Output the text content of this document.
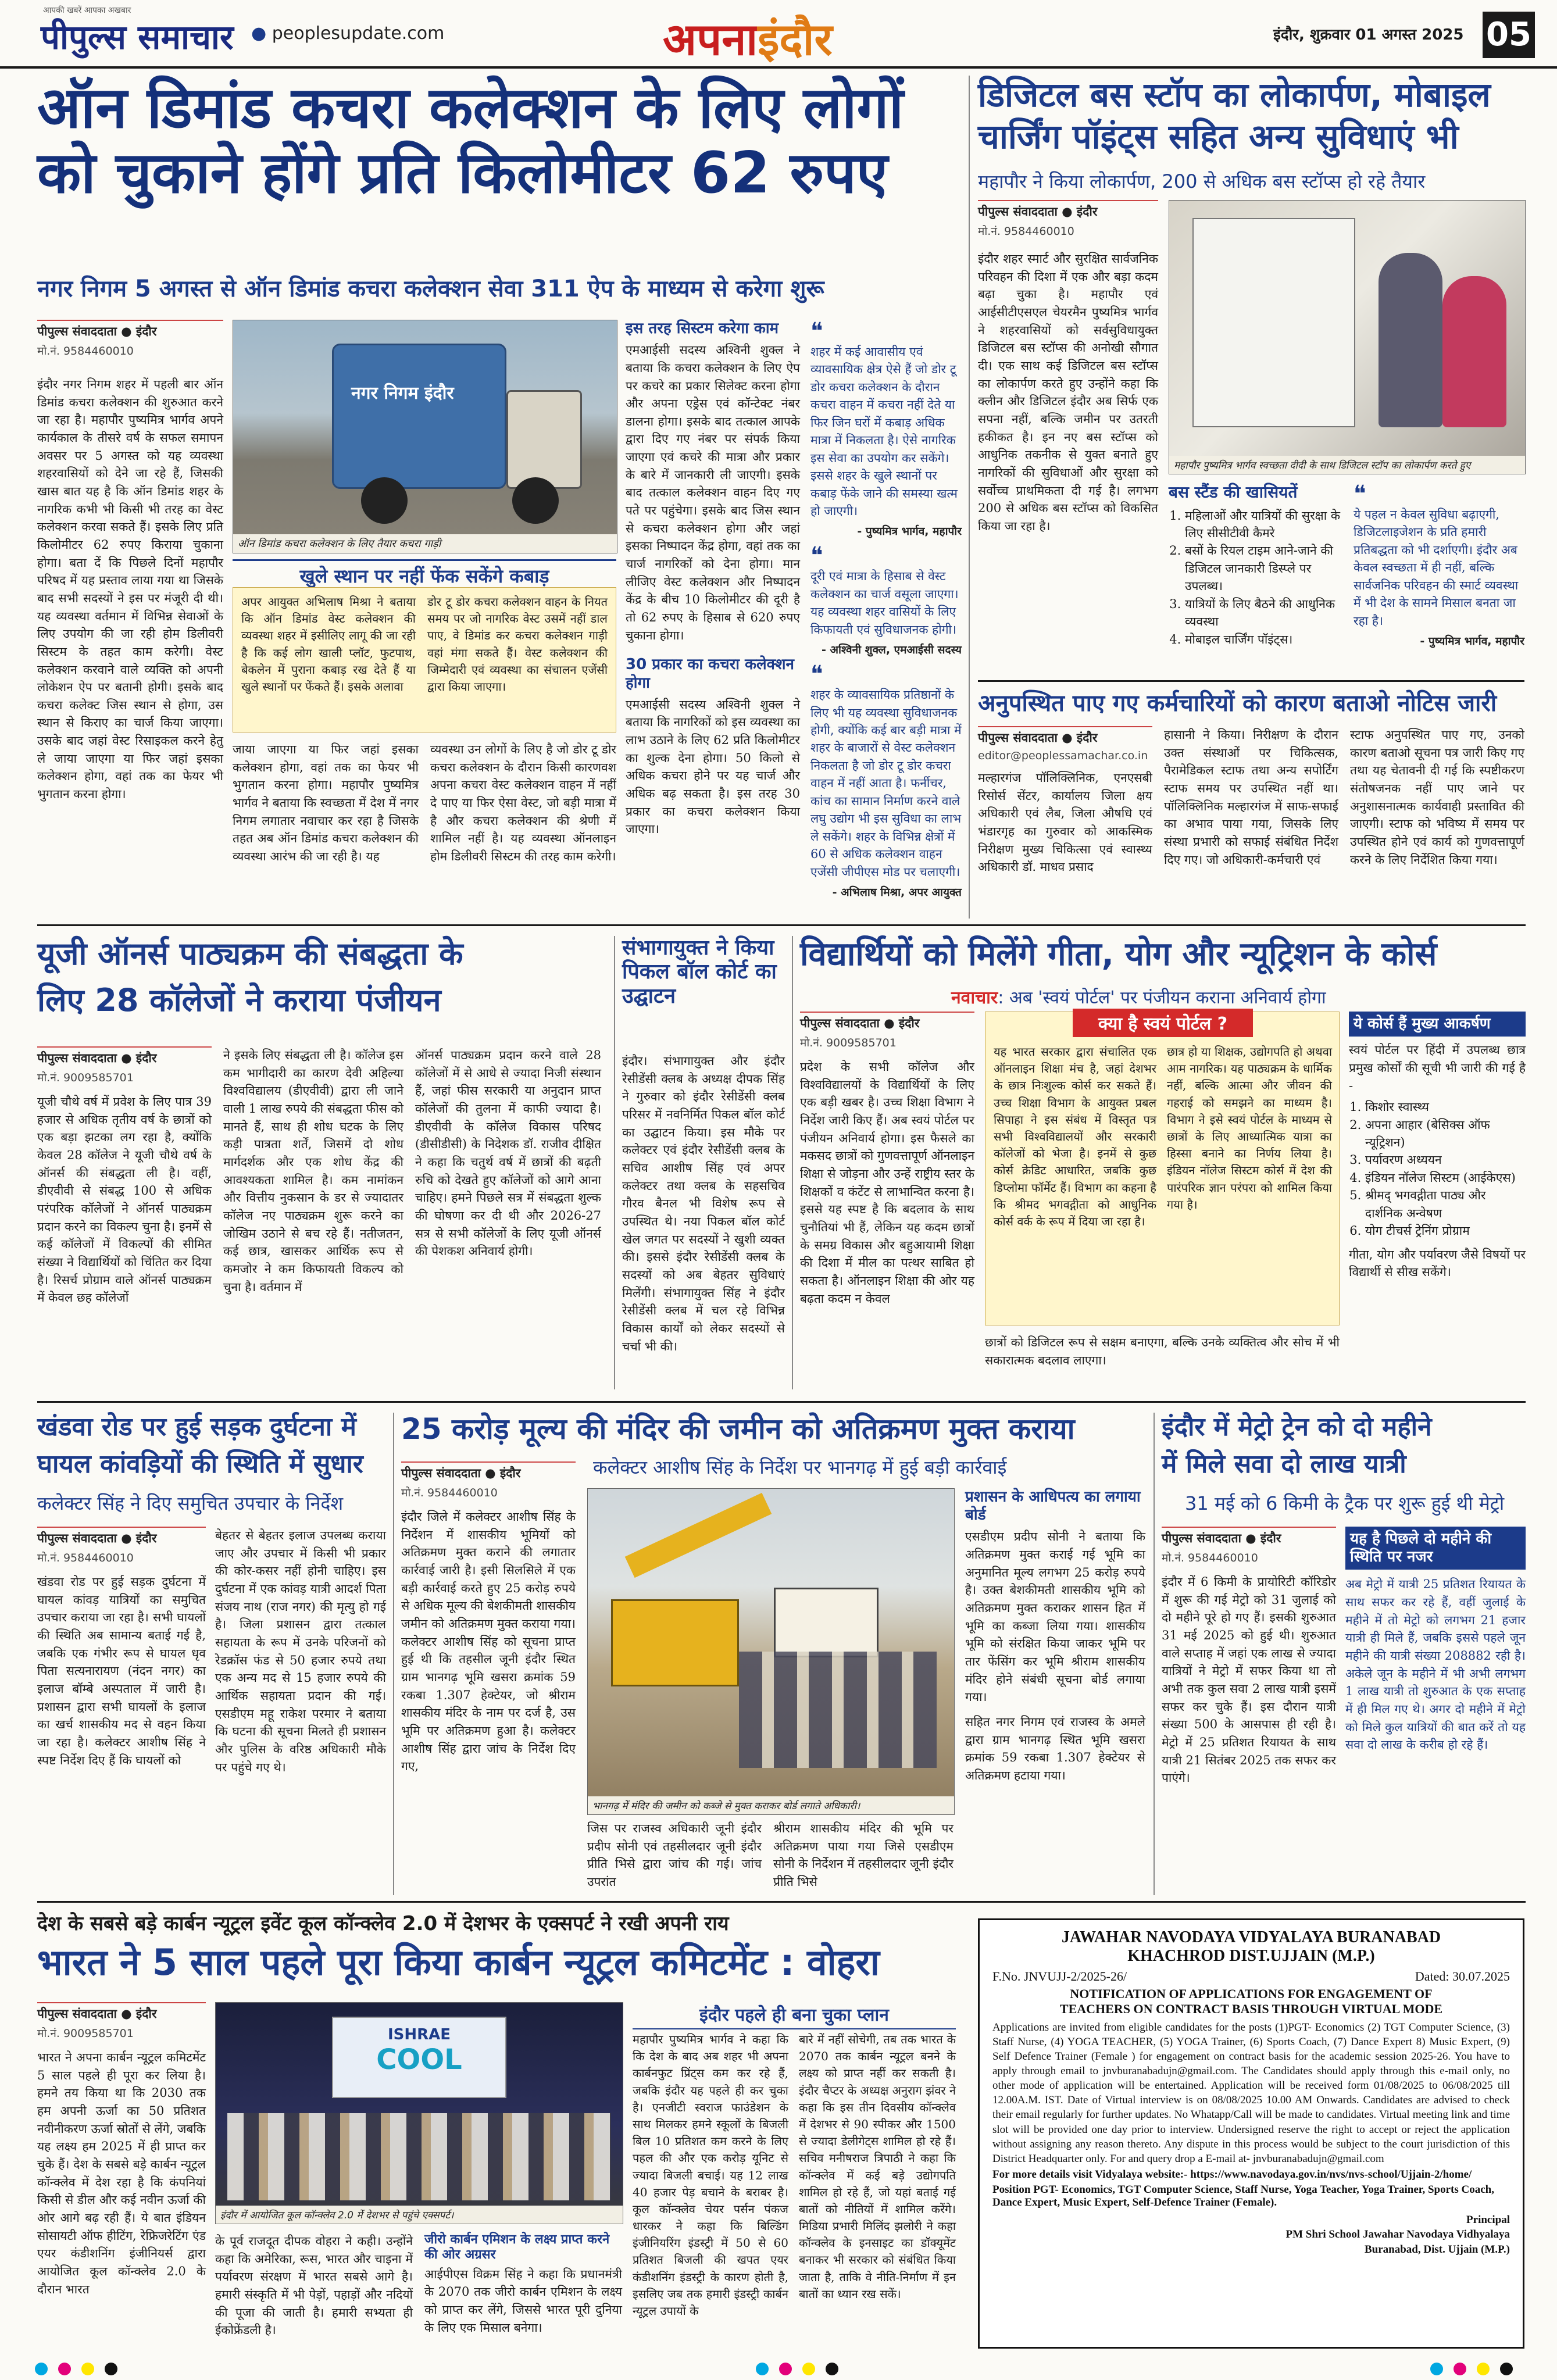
आपकी खबरें आपका अखबार
पीपुल्स समाचार ● peoplesupdate.com	अपनाइंदौर	इंदौर, शुक्रवार 01 अगस्त 2025 05
ऑन डिमांड कचरा कलेक्शन के लिए लोगों
को चुकाने होंगे प्रति किलोमीटर 62 रुपए
नगर निगम 5 अगस्त से ऑन डिमांड कचरा कलेक्शन सेवा 311 ऐप के माध्यम से करेगा शुरू
पीपुल्स संवाददाता ● इंदौर
मो.नं. 9584460010
इंदौर नगर निगम शहर में पहली बार ऑन डिमांड कचरा कलेक्शन की शुरुआत करने जा रहा है। महापौर पुष्यमित्र भार्गव अपने कार्यकाल के तीसरे वर्ष के सफल समापन अवसर पर 5 अगस्त को यह व्यवस्था शहरवासियों को देने जा रहे हैं, जिसकी खास बात यह है कि ऑन डिमांड शहर के नागरिक कभी भी किसी भी तरह का वेस्ट कलेक्शन करवा सकते हैं। इसके लिए प्रति किलोमीटर 62 रुपए किराया चुकाना होगा। बता दें कि पिछले दिनों महापौर परिषद में यह प्रस्ताव लाया गया था जिसके बाद सभी सदस्यों ने इस पर मंजूरी दी थी। यह व्यवस्था वर्तमान में विभिन्न सेवाओं के लिए उपयोग की जा रही होम डिलीवरी सिस्टम के तहत काम करेगी। वेस्ट कलेक्शन करवाने वाले व्यक्ति को अपनी लोकेशन ऐप पर बतानी होगी। इसके बाद कचरा कलेक्ट जिस स्थान से होगा, उस स्थान से किराए का चार्ज किया जाएगा। उसके बाद जहां वेस्ट रिसाइकल करने हेतु ले जाया जाएगा या फिर जहां इसका कलेक्शन होगा, वहां तक का फेयर भी भुगतान करना होगा।
नगर निगम इंदौर
ऑन डिमांड कचरा कलेक्शन के लिए तैयार कचरा गाड़ी
खुले स्थान पर नहीं फेंक सकेंगे कबाड़
अपर आयुक्त अभिलाष मिश्रा ने बताया कि ऑन डिमांड वेस्ट कलेक्शन की व्यवस्था शहर में इसीलिए लागू की जा रही है कि कई लोग खाली प्लॉट, फुटपाथ, बेकलेन में पुराना कबाड़ रख देते हैं या खुले स्थानों पर फेंकते हैं। इसके अलावा
डोर टू डोर कचरा कलेक्शन वाहन के नियत समय पर जो नागरिक वेस्ट उसमें नहीं डाल पाए, वे डिमांड कर कचरा कलेक्शन गाड़ी वहां मंगा सकते हैं। वेस्ट कलेक्शन की जिम्मेदारी एवं व्यवस्था का संचालन एजेंसी द्वारा किया जाएगा।
जाया जाएगा या फिर जहां इसका कलेक्शन होगा, वहां तक का फेयर भी भुगतान करना होगा। महापौर पुष्यमित्र भार्गव ने बताया कि स्वच्छता में देश में नगर निगम लगातार नवाचार कर रहा है जिसके तहत अब ऑन डिमांड कचरा कलेक्शन की व्यवस्था आरंभ की जा रही है। यह
व्यवस्था उन लोगों के लिए है जो डोर टू डोर कचरा कलेक्शन के दौरान किसी कारणवश अपना कचरा वेस्ट कलेक्शन वाहन में नहीं दे पाए या फिर ऐसा वेस्ट, जो बड़ी मात्रा में है और कचरा कलेक्शन की श्रेणी में शामिल नहीं है। यह व्यवस्था ऑनलाइन होम डिलीवरी सिस्टम की तरह काम करेगी।
इस तरह सिस्टम करेगा काम
एमआईसी सदस्य अश्विनी शुक्ल ने बताया कि कचरा कलेक्शन के लिए ऐप पर कचरे का प्रकार सिलेक्ट करना होगा और अपना एड्रेस एवं कॉन्टेक्ट नंबर डालना होगा। इसके बाद तत्काल आपके द्वारा दिए गए नंबर पर संपर्क किया जाएगा एवं कचरे की मात्रा और प्रकार के बारे में जानकारी ली जाएगी। इसके बाद तत्काल कलेक्शन वाहन दिए गए पते पर पहुंचेगा। इसके बाद जिस स्थान से कचरा कलेक्शन होगा और जहां इसका निष्पादन केंद्र होगा, वहां तक का चार्ज नागरिकों को देना होगा। मान लीजिए वेस्ट कलेक्शन और निष्पादन केंद्र के बीच 10 किलोमीटर की दूरी है तो 62 रुपए के हिसाब से 620 रुपए चुकाना होगा।
30 प्रकार का कचरा कलेक्शन होगा
एमआईसी सदस्य अश्विनी शुक्ल ने बताया कि नागरिकों को इस व्यवस्था का लाभ उठाने के लिए 62 प्रति किलोमीटर का शुल्क देना होगा। 50 किलो से अधिक कचरा होने पर यह चार्ज और अधिक बढ़ सकता है। इस तरह 30 प्रकार का कचरा कलेक्शन किया जाएगा।
❝
शहर में कई आवासीय एवं व्यावसायिक क्षेत्र ऐसे हैं जो डोर टू डोर कचरा कलेक्शन के दौरान कचरा वाहन में कचरा नहीं देते या फिर जिन घरों में कबाड़ अधिक मात्रा में निकलता है। ऐसे नागरिक इस सेवा का उपयोग कर सकेंगे। इससे शहर के खुले स्थानों पर कबाड़ फेंके जाने की समस्या खत्म हो जाएगी।
- पुष्यमित्र भार्गव, महापौर
❝
दूरी एवं मात्रा के हिसाब से वेस्ट कलेक्शन का चार्ज वसूला जाएगा। यह व्यवस्था शहर वासियों के लिए किफायती एवं सुविधाजनक होगी।
- अश्विनी शुक्ल, एमआईसी सदस्य
❝
शहर के व्यावसायिक प्रतिष्ठानों के लिए भी यह व्यवस्था सुविधाजनक होगी, क्योंकि कई बार बड़ी मात्रा में शहर के बाजारों से वेस्ट कलेक्शन निकलता है जो डोर टू डोर कचरा वाहन में नहीं आता है। फर्नीचर, कांच का सामान निर्माण करने वाले लघु उद्योग भी इस सुविधा का लाभ ले सकेंगे। शहर के विभिन्न क्षेत्रों में 60 से अधिक कलेक्शन वाहन एजेंसी जीपीएस मोड पर चलाएगी।
- अभिलाष मिश्रा, अपर आयुक्त
डिजिटल बस स्टॉप का लोकार्पण, मोबाइल
चार्जिंग पॉइंट्स सहित अन्य सुविधाएं भी
महापौर ने किया लोकार्पण, 200 से अधिक बस स्टॉप्स हो रहे तैयार
पीपुल्स संवाददाता ● इंदौर
मो.नं. 9584460010
इंदौर शहर स्मार्ट और सुरक्षित सार्वजनिक परिवहन की दिशा में एक और बड़ा कदम बढ़ा चुका है। महापौर एवं आईसीटीएसएल चेयरमैन पुष्यमित्र भार्गव ने शहरवासियों को सर्वसुविधायुक्त डिजिटल बस स्टॉप्स की अनोखी सौगात दी। एक साथ कई डिजिटल बस स्टॉप्स का लोकार्पण करते हुए उन्होंने कहा कि क्लीन और डिजिटल इंदौर अब सिर्फ एक सपना नहीं, बल्कि जमीन पर उतरती हकीकत है। इन नए बस स्टॉप्स को आधुनिक तकनीक से युक्त बनाते हुए नागरिकों की सुविधाओं और सुरक्षा को सर्वोच्च प्राथमिकता दी गई है। लगभग 200 से अधिक बस स्टॉप्स को विकसित किया जा रहा है।
महापौर पुष्यमित्र भार्गव स्वच्छता दीदी के साथ डिजिटल स्टॉप का लोकार्पण करते हुए
बस स्टैंड की खासियतें
1. महिलाओं और यात्रियों की सुरक्षा के लिए सीसीटीवी कैमरे
2. बसों के रियल टाइम आने-जाने की डिजिटल जानकारी डिस्प्ले पर उपलब्ध।
3. यात्रियों के लिए बैठने की आधुनिक व्यवस्था
4. मोबाइल चार्जिंग पॉइंट्स।
❝
ये पहल न केवल सुविधा बढ़ाएगी, डिजिटलाइजेशन के प्रति हमारी प्रतिबद्धता को भी दर्शाएगी। इंदौर अब केवल स्वच्छता में ही नहीं, बल्कि सार्वजनिक परिवहन की स्मार्ट व्यवस्था में भी देश के सामने मिसाल बनता जा रहा है।
- पुष्यमित्र भार्गव, महापौर
अनुपस्थित पाए गए कर्मचारियों को कारण बताओ नोटिस जारी
पीपुल्स संवाददाता ● इंदौर
editor@peoplessamachar.co.in
मल्हारगंज पॉलिक्लिनिक, एनएसबी रिसोर्स सेंटर, कार्यालय जिला क्षय अधिकारी एवं लैब, जिला औषधि एवं भंडारगृह का गुरुवार को आकस्मिक निरीक्षण मुख्य चिकित्सा एवं स्वास्थ्य अधिकारी डॉ. माधव प्रसाद
हासानी ने किया। निरीक्षण के दौरान उक्त संस्थाओं पर चिकित्सक, पैरामेडिकल स्टाफ तथा अन्य सपोर्टिंग स्टाफ समय पर उपस्थित नहीं था। पॉलिक्लिनिक मल्हारगंज में साफ-सफाई का अभाव पाया गया, जिसके लिए संस्था प्रभारी को सफाई संबंधित निर्देश दिए गए। जो अधिकारी-कर्मचारी एवं
स्टाफ अनुपस्थित पाए गए, उनको कारण बताओ सूचना पत्र जारी किए गए तथा यह चेतावनी दी गई कि स्पष्टीकरण संतोषजनक नहीं पाए जाने पर अनुशासनात्मक कार्यवाही प्रस्तावित की जाएगी। स्टाफ को भविष्य में समय पर उपस्थित होने एवं कार्य को गुणवत्तापूर्ण करने के लिए निर्देशित किया गया।
यूजी ऑनर्स पाठ्यक्रम की संबद्धता के
लिए 28 कॉलेजों ने कराया पंजीयन
पीपुल्स संवाददाता ● इंदौर
मो.नं. 9009585701
यूजी चौथे वर्ष में प्रवेश के लिए पात्र 39 हजार से अधिक तृतीय वर्ष के छात्रों को एक बड़ा झटका लग रहा है, क्योंकि केवल 28 कॉलेज ने यूजी चौथे वर्ष के ऑनर्स की संबद्धता ली है। वहीं, डीएवीवी से संबद्ध 100 से अधिक परंपरिक कॉलेजों ने ऑनर्स पाठ्यक्रम प्रदान करने का विकल्प चुना है। इनमें से कई कॉलेजों में विकल्पों की सीमित संख्या ने विद्यार्थियों को चिंतित कर दिया है। रिसर्च प्रोग्राम वाले ऑनर्स पाठ्यक्रम में केवल छह कॉलेजों
ने इसके लिए संबद्धता ली है। कॉलेज इस कम भागीदारी का कारण देवी अहिल्या विश्वविद्यालय (डीएवीवी) द्वारा ली जाने वाली 1 लाख रुपये की संबद्धता फीस को मानते हैं, साथ ही शोध घटक के लिए कड़ी पात्रता शर्तें, जिसमें दो शोध मार्गदर्शक और एक शोध केंद्र की आवश्यकता शामिल है। कम नामांकन और वित्तीय नुकसान के डर से ज्यादातर कॉलेज नए पाठ्यक्रम शुरू करने का जोखिम उठाने से बच रहे हैं। नतीजतन, कई छात्र, खासकर आर्थिक रूप से कमजोर ने कम किफायती विकल्प को चुना है। वर्तमान में
ऑनर्स पाठ्यक्रम प्रदान करने वाले 28 कॉलेजों में से आधे से ज्यादा निजी संस्थान हैं, जहां फीस सरकारी या अनुदान प्राप्त कॉलेजों की तुलना में काफी ज्यादा है। डीएवीवी के कॉलेज विकास परिषद (डीसीडीसी) के निदेशक डॉ. राजीव दीक्षित ने कहा कि चतुर्थ वर्ष में छात्रों की बढ़ती रुचि को देखते हुए कॉलेजों को आगे आना चाहिए। हमने पिछले सत्र में संबद्धता शुल्क की घोषणा कर दी थी और 2026-27 सत्र से सभी कॉलेजों के लिए यूजी ऑनर्स की पेशकश अनिवार्य होगी।
संभागायुक्त ने किया पिकल बॉल कोर्ट का उद्घाटन
इंदौर। संभागायुक्त और इंदौर रेसीडेंसी क्लब के अध्यक्ष दीपक सिंह ने गुरुवार को इंदौर रेसीडेंसी क्लब परिसर में नवनिर्मित पिकल बॉल कोर्ट का उद्घाटन किया। इस मौके पर कलेक्टर एवं इंदौर रेसीडेंसी क्लब के सचिव आशीष सिंह एवं अपर कलेक्टर तथा क्लब के सहसचिव गौरव बैनल भी विशेष रूप से उपस्थित थे। नया पिकल बॉल कोर्ट खेल जगत पर सदस्यों ने खुशी व्यक्त की। इससे इंदौर रेसीडेंसी क्लब के सदस्यों को अब बेहतर सुविधाएं मिलेंगी। संभागायुक्त सिंह ने इंदौर रेसीडेंसी क्लब में चल रहे विभिन्न विकास कार्यों को लेकर सदस्यों से चर्चा भी की।
विद्यार्थियों को मिलेंगे गीता, योग और न्यूट्रिशन के कोर्स
नवाचार: अब 'स्वयं पोर्टल' पर पंजीयन कराना अनिवार्य होगा
पीपुल्स संवाददाता ● इंदौर
मो.नं. 9009585701
प्रदेश के सभी कॉलेज और विश्वविद्यालयों के विद्यार्थियों के लिए एक बड़ी खबर है। उच्च शिक्षा विभाग ने निर्देश जारी किए हैं। अब स्वयं पोर्टल पर पंजीयन अनिवार्य होगा। इस फैसले का मकसद छात्रों को गुणवत्तापूर्ण ऑनलाइन शिक्षा से जोड़ना और उन्हें राष्ट्रीय स्तर के शिक्षकों व कंटेंट से लाभान्वित करना है। इससे यह स्पष्ट है कि बदलाव के साथ चुनौतियां भी हैं, लेकिन यह कदम छात्रों के समग्र विकास और बहुआयामी शिक्षा की दिशा में मील का पत्थर साबित हो सकता है। ऑनलाइन शिक्षा की ओर यह बढ़ता कदम न केवल
क्या है स्वयं पोर्टल ?
यह भारत सरकार द्वारा संचालित एक ऑनलाइन शिक्षा मंच है, जहां देशभर के छात्र निःशुल्क कोर्स कर सकते हैं। उच्च शिक्षा विभाग के आयुक्त प्रबल सिपाहा ने इस संबंध में विस्तृत पत्र सभी विश्वविद्यालयों और सरकारी कॉलेजों को भेजा है। इनमें से कुछ कोर्स क्रेडिट आधारित, जबकि कुछ डिप्लोमा फॉर्मेट हैं। विभाग का कहना है कि श्रीमद भगवद्गीता को आधुनिक कोर्स वर्क के रूप में दिया जा रहा है।
छात्र हो या शिक्षक, उद्योगपति हो अथवा आम नागरिक। यह पाठ्यक्रम के धार्मिक नहीं, बल्कि आत्मा और जीवन की गहराई को समझने का माध्यम है। विभाग ने इसे स्वयं पोर्टल के माध्यम से छात्रों के लिए आध्यात्मिक यात्रा का हिस्सा बनाने का निर्णय लिया है। इंडियन नॉलेज सिस्टम कोर्स में देश की पारंपरिक ज्ञान परंपरा को शामिल किया गया है।
छात्रों को डिजिटल रूप से सक्षम बनाएगा, बल्कि उनके व्यक्तित्व और सोच में भी सकारात्मक बदलाव लाएगा।
ये कोर्स हैं मुख्य आकर्षण
स्वयं पोर्टल पर हिंदी में उपलब्ध छात्र प्रमुख कोर्सों की सूची भी जारी की गई है -
1. किशोर स्वास्थ्य
2. अपना आहार (बेसिक्स ऑफ न्यूट्रिशन)
3. पर्यावरण अध्ययन
4. इंडियन नॉलेज सिस्टम (आईकेएस)
5. श्रीमद् भगवद्गीता पाठ्य और दार्शनिक अन्वेषण
6. योग टीचर्स ट्रेनिंग प्रोग्राम
गीता, योग और पर्यावरण जैसे विषयों पर विद्यार्थी से सीख सकेंगे।
खंडवा रोड पर हुई सड़क दुर्घटना में
घायल कांवड़ियों की स्थिति में सुधार
कलेक्टर सिंह ने दिए समुचित उपचार के निर्देश
पीपुल्स संवाददाता ● इंदौर
मो.नं. 9584460010
खंडवा रोड पर हुई सड़क दुर्घटना में घायल कांवड़ यात्रियों का समुचित उपचार कराया जा रहा है। सभी घायलों की स्थिति अब सामान्य बताई गई है, जबकि एक गंभीर रूप से घायल धृव पिता सत्यनारायण (नंदन नगर) का इलाज बॉम्बे अस्पताल में जारी है। प्रशासन द्वारा सभी घायलों के इलाज का खर्च शासकीय मद से वहन किया जा रहा है। कलेक्टर आशीष सिंह ने स्पष्ट निर्देश दिए हैं कि घायलों को
बेहतर से बेहतर इलाज उपलब्ध कराया जाए और उपचार में किसी भी प्रकार की कोर-कसर नहीं होनी चाहिए। इस दुर्घटना में एक कांवड़ यात्री आदर्श पिता संजय नाथ (राज नगर) की मृत्यु हो गई है। जिला प्रशासन द्वारा तत्काल सहायता के रूप में उनके परिजनों को रेडक्रॉस फंड से 50 हजार रुपये तथा एक अन्य मद से 15 हजार रुपये की आर्थिक सहायता प्रदान की गई। एसडीएम महू राकेश परमार ने बताया कि घटना की सूचना मिलते ही प्रशासन और पुलिस के वरिष्ठ अधिकारी मौके पर पहुंचे गए थे।
25 करोड़ मूल्य की मंदिर की जमीन को अतिक्रमण मुक्त कराया
कलेक्टर आशीष सिंह के निर्देश पर भानगढ़ में हुई बड़ी कार्रवाई
पीपुल्स संवाददाता ● इंदौर
मो.नं. 9584460010
इंदौर जिले में कलेक्टर आशीष सिंह के निर्देशन में शासकीय भूमियों को अतिक्रमण मुक्त कराने की लगातार कार्रवाई जारी है। इसी सिलसिले में एक बड़ी कार्रवाई करते हुए 25 करोड़ रुपये से अधिक मूल्य की बेशकीमती शासकीय जमीन को अतिक्रमण मुक्त कराया गया। कलेक्टर आशीष सिंह को सूचना प्राप्त हुई थी कि तहसील जूनी इंदौर स्थित ग्राम भानगढ़ भूमि खसरा क्रमांक 59 रकबा 1.307 हेक्टेयर, जो श्रीराम शासकीय मंदिर के नाम पर दर्ज है, उस भूमि पर अतिक्रमण हुआ है। कलेक्टर आशीष सिंह द्वारा जांच के निर्देश दिए गए,
भानगढ़ में मंदिर की जमीन को कब्जे से मुक्त कराकर बोर्ड लगाते अधिकारी।
जिस पर राजस्व अधिकारी जूनी इंदौर प्रदीप सोनी एवं तहसीलदार जूनी इंदौर प्रीति भिसे द्वारा जांच की गई। जांच उपरांत
श्रीराम शासकीय मंदिर की भूमि पर अतिक्रमण पाया गया जिसे एसडीएम सोनी के निर्देशन में तहसीलदार जूनी इंदौर प्रीति भिसे
प्रशासन के आधिपत्य का लगाया बोर्ड
एसडीएम प्रदीप सोनी ने बताया कि अतिक्रमण मुक्त कराई गई भूमि का अनुमानित मूल्य लगभग 25 करोड़ रुपये है। उक्त बेशकीमती शासकीय भूमि को अतिक्रमण मुक्त कराकर शासन हित में भूमि का कब्जा लिया गया। शासकीय भूमि को संरक्षित किया जाकर भूमि पर तार फेंसिंग कर भूमि श्रीराम शासकीय मंदिर होने संबंधी सूचना बोर्ड लगाया गया।
सहित नगर निगम एवं राजस्व के अमले द्वारा ग्राम भानगढ़ स्थित भूमि खसरा क्रमांक 59 रकबा 1.307 हेक्टेयर से अतिक्रमण हटाया गया।
इंदौर में मेट्रो ट्रेन को दो महीने
में मिले सवा दो लाख यात्री
31 मई को 6 किमी के ट्रैक पर शुरू हुई थी मेट्रो
पीपुल्स संवाददाता ● इंदौर
मो.नं. 9584460010
इंदौर में 6 किमी के प्रायोरिटी कॉरिडोर में शुरू की गई मेट्रो को 31 जुलाई को दो महीने पूरे हो गए हैं। इसकी शुरुआत 31 मई 2025 को हुई थी। शुरुआत वाले सप्ताह में जहां एक लाख से ज्यादा यात्रियों ने मेट्रो में सफर किया था तो अभी तक कुल सवा 2 लाख यात्री इसमें सफर कर चुके हैं। इस दौरान यात्री संख्या 500 के आसपास ही रही है। मेट्रो में 25 प्रतिशत रियायत के साथ यात्री 21 सितंबर 2025 तक सफर कर पाएंगे।
यह है पिछले दो महीने की स्थिति पर नजर
अब मेट्रो में यात्री 25 प्रतिशत रियायत के साथ सफर कर रहे हैं, वहीं जुलाई के महीने में तो मेट्रो को लगभग 21 हजार यात्री ही मिले हैं, जबकि इससे पहले जून महीने की यात्री संख्या 208882 रही है। अकेले जून के महीने में भी अभी लगभग 1 लाख यात्री तो शुरुआत के एक सप्ताह में ही मिल गए थे। अगर दो महीने में मेट्रो को मिले कुल यात्रियों की बात करें तो यह सवा दो लाख के करीब हो रहे हैं।
देश के सबसे बड़े कार्बन न्यूट्रल इवेंट कूल कॉन्क्लेव 2.0 में देशभर के एक्सपर्ट ने रखी अपनी राय
भारत ने 5 साल पहले पूरा किया कार्बन न्यूट्रल कमिटमेंट : वोहरा
पीपुल्स संवाददाता ● इंदौर
मो.नं. 9009585701
भारत ने अपना कार्बन न्यूट्रल कमिटमेंट 5 साल पहले ही पूरा कर लिया है। हमने तय किया था कि 2030 तक हम अपनी ऊर्जा का 50 प्रतिशत नवीनीकरण ऊर्जा स्रोतों से लेंगे, जबकि यह लक्ष्य हम 2025 में ही प्राप्त कर चुके हैं। देश के सबसे बड़े कार्बन न्यूट्रल कॉन्क्लेव में देश रहा है कि कंपनियां किसी से डील और कई नवीन ऊर्जा की ओर आगे बढ़ रही हैं। ये बात इंडियन सोसायटी ऑफ हीटिंग, रेफ्रिजरेटिंग एंड एयर कंडीशनिंग इंजीनियर्स द्वारा आयोजित कूल कॉन्क्लेव 2.0 के दौरान भारत
ISHRAE
COOL
इंदौर में आयोजित कूल कॉन्क्लेव 2.0 में देशभर से पहुंचे एक्सपर्ट।
के पूर्व राजदूत दीपक वोहरा ने कही। उन्होंने कहा कि अमेरिका, रूस, भारत और चाइना में पर्यावरण संरक्षण में भारत सबसे आगे है। हमारी संस्कृति में भी पेड़ों, पहाड़ों और नदियों की पूजा की जाती है। हमारी सभ्यता ही ईकोफ्रेंडली है।
जीरो कार्बन एमिशन के लक्ष्य प्राप्त करने की ओर अग्रसर
आईपीएस विक्रम सिंह ने कहा कि प्रधानमंत्री के 2070 तक जीरो कार्बन एमिशन के लक्ष्य को प्राप्त कर लेंगे, जिससे भारत पूरी दुनिया के लिए एक मिसाल बनेगा।
इंदौर पहले ही बना चुका प्लान
महापौर पुष्यमित्र भार्गव ने कहा कि कि देश के बाद अब शहर भी अपना कार्बनफुट प्रिंट्स कम कर रहे हैं, जबकि इंदौर यह पहले ही कर चुका है। एनजीटी स्वराज फाउंडेशन के साथ मिलकर हमने स्कूलों के बिजली बिल 10 प्रतिशत कम करने के लिए पहल की और एक करोड़ यूनिट से ज्यादा बिजली बचाई। यह 12 लाख 40 हजार पेड़ बचाने के बराबर है। कूल कॉन्क्लेव चेयर पर्सन पंकज धारकर ने कहा कि बिल्डिंग इंजीनियरिंग इंडस्ट्री में 50 से 60 प्रतिशत बिजली की खपत एयर कंडीशनिंग इंडस्ट्री के कारण होती है, इसलिए जब तक हमारी इंडस्ट्री कार्बन न्यूट्रल उपायों के
बारे में नहीं सोचेगी, तब तक भारत के 2070 तक कार्बन न्यूट्रल बनने के लक्ष्य को प्राप्त नहीं कर सकती है। इंदौर चैप्टर के अध्यक्ष अनुराग झंवर ने कहा कि इस तीन दिवसीय कॉन्क्लेव में देशभर से 90 स्पीकर और 1500 से ज्यादा डेलीगेट्स शामिल हो रहे हैं। सचिव मनीषराज त्रिपाठी ने कहा कि कॉन्क्लेव में कई बड़े उद्योगपति शामिल हो रहे हैं, जो यहां बताई गई बातों को नीतियों में शामिल करेंगे। मिडिया प्रभारी मिलिंद झलोरी ने कहा कॉन्क्लेव के इनसाइट का डॉक्यूमेंट बनाकर भी सरकार को संबंधित किया जाता है, ताकि वे नीति-निर्माण में इन बातों का ध्यान रख सकें।
JAWAHAR NAVODAYA VIDYALAYA BURANABAD
KHACHROD DIST.UJJAIN (M.P.)
F.No. JNVUJJ-2/2025-26/	Dated: 30.07.2025
NOTIFICATION OF APPLICATIONS FOR ENGAGEMENT OF
TEACHERS ON CONTRACT BASIS THROUGH VIRTUAL MODE
Applications are invited from eligible candidates for the posts (1)PGT- Economics (2) TGT Computer Science, (3) Staff Nurse, (4) YOGA TEACHER, (5) YOGA Trainer, (6) Sports Coach, (7) Dance Expert 8) Music Expert, (9) Self Defence Trainer (Female ) for engagement on contract basis for the academic session 2025-26. You have to apply through email to jnvburanabadujn@gmail.com. The Candidates should apply through this e-mail only, no other mode of application will be entertained. Application will be received form 01/08/2025 to 06/08/2025 till 12.00A.M. IST. Date of Virtual interview is on 08/08/2025 10.00 AM Onwards. Candidates are advised to check their email regularly for further updates. No Whatapp/Call will be made to candidates. Virtual meeting link and time slot will be provided one day prior to interview. Undersigned reserve the right to accept or reject the application without assigning any reason thereto. Any dispute in this process would be subject to the court jurisdiction of this District Headquarter only. For and query drop a E-mail at- jnvburanabadujn@gmail.com
For more details visit Vidyalaya website:- https://www.navodaya.gov.in/nvs/nvs-school/Ujjain-2/home/
Position PGT- Economics, TGT Computer Science, Staff Nurse, Yoga Teacher, Yoga Trainer, Sports Coach, Dance Expert, Music Expert, Self-Defence Trainer (Female).
Principal
PM Shri School Jawahar Navodaya Vidhyalaya
Buranabad, Dist. Ujjain (M.P.)
